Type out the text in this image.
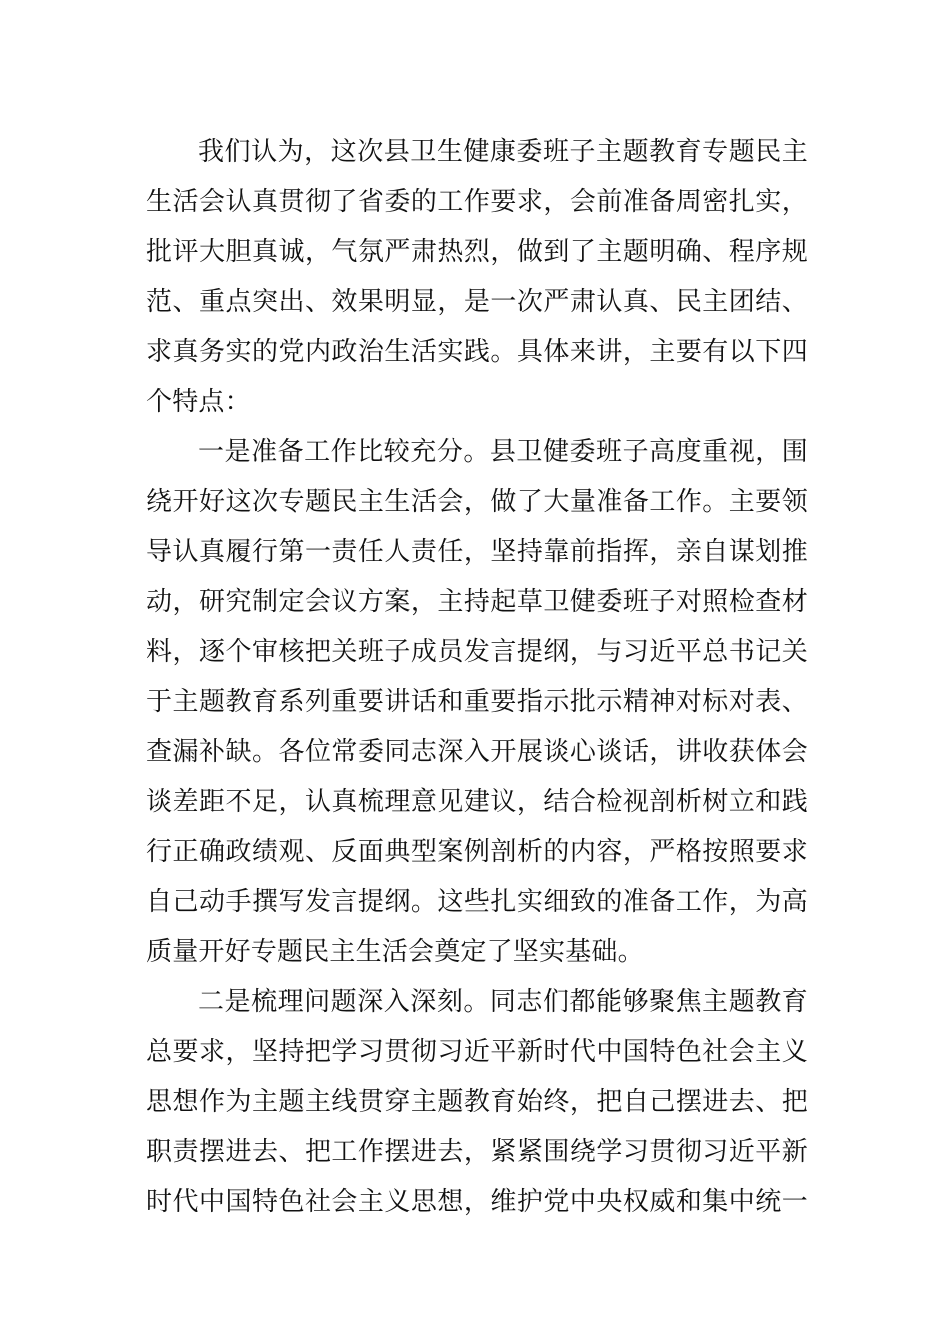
我们认为，这次县卫生健康委班子主题教育专题民主
生活会认真贯彻了省委的工作要求，会前准备周密扎实，
批评大胆真诚，气氛严肃热烈，做到了主题明确、程序规
范、重点突出、效果明显，是一次严肃认真、民主团结、
求真务实的党内政治生活实践。具体来讲，主要有以下四
个特点：
一是准备工作比较充分。县卫健委班子高度重视，围
绕开好这次专题民主生活会，做了大量准备工作。主要领
导认真履行第一责任人责任，坚持靠前指挥，亲自谋划推
动，研究制定会议方案，主持起草卫健委班子对照检查材
料，逐个审核把关班子成员发言提纲，与习近平总书记关
于主题教育系列重要讲话和重要指示批示精神对标对表、
查漏补缺。各位常委同志深入开展谈心谈话，讲收获体会
谈差距不足，认真梳理意见建议，结合检视剖析树立和践
行正确政绩观、反面典型案例剖析的内容，严格按照要求
自己动手撰写发言提纲。这些扎实细致的准备工作，为高
质量开好专题民主生活会奠定了坚实基础。
二是梳理问题深入深刻。同志们都能够聚焦主题教育
总要求，坚持把学习贯彻习近平新时代中国特色社会主义
思想作为主题主线贯穿主题教育始终，把自己摆进去、把
职责摆进去、把工作摆进去，紧紧围绕学习贯彻习近平新
时代中国特色社会主义思想，维护党中央权威和集中统一
